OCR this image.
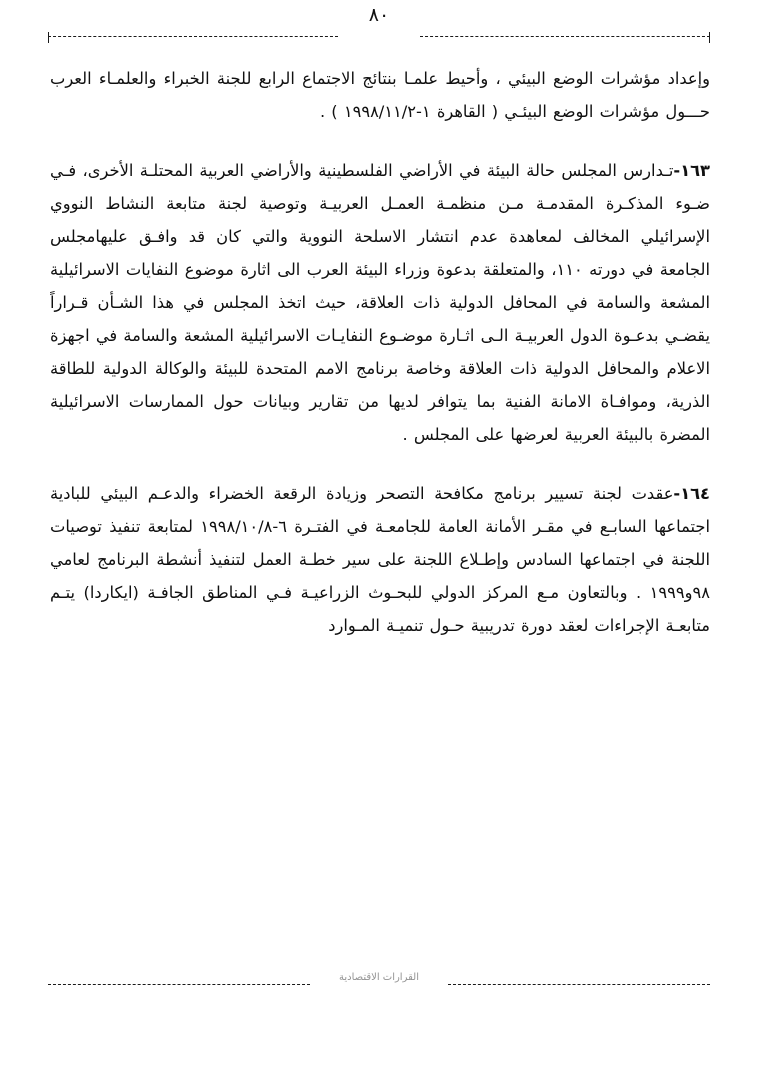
٨٠

وإعداد مؤشرات الوضع البيئي ، وأحيط علمـا بنتائج الاجتماع الرابع للجنة الخبراء والعلمـاء العرب حـــول مؤشرات الوضع البيئـي ( القاهرة ١-١٩٩٨/١١/٢ ) .

١٦٣-تـدارس المجلس حالة البيئة في الأراضي الفلسطينية والأراضي العربية المحتلـة الأخرى، فـي ضـوء المذكـرة المقدمـة مـن منظمـة العمـل العربيـة وتوصية لجنة متابعة النشاط النووي الإسرائيلي المخالف لمعاهدة عدم انتشار الاسلحة النووية والتي كان قد وافـق عليهامجلس الجامعة في دورته ١١٠، والمتعلقة بدعوة وزراء البيئة العرب الى اثارة موضوع النفايات الاسرائيلية المشعة والسامة في المحافل الدولية ذات العلاقة، حيث اتخذ المجلس في هذا الشـأن قـراراً يقضـي بدعـوة الدول العربيـة الـى اثـارة موضـوع النفايـات الاسرائيلية المشعة والسامة في اجهزة الاعلام والمحافل الدولية ذات العلاقة وخاصة برنامج الامم المتحدة للبيئة والوكالة الدولية للطاقة الذرية، وموافـاة الامانة الفنية بما يتوافر لديها من تقارير وبيانات حول الممارسات الاسرائيلية المضرة بالبيئة العربية لعرضها على المجلس .

١٦٤-عقدت لجنة تسيير برنامج مكافحة التصحر وزيادة الرقعة الخضراء والدعـم البيئي للبادية اجتماعها السابـع في مقـر الأمانة العامة للجامعـة في الفتـرة ٦-١٩٩٨/١٠/٨ لمتابعة تنفيذ توصيات اللجنة في اجتماعها السادس وإطـلاع اللجنة على سير خطـة العمل لتنفيذ أنشطة البرنامج لعامي ٩٨و١٩٩٩ . وبالتعاون مـع المركز الدولي للبحـوث الزراعيـة فـي المناطق الجافـة (ايكاردا) يتـم متابعـة الإجراءات لعقد دورة تدريبية حـول تنميـة المـوارد

ﺍﻟﻘﺮﺍﺭﺍﺕ ﺍﻻﻗﺘﺼﺎﺩﻳﺔ
